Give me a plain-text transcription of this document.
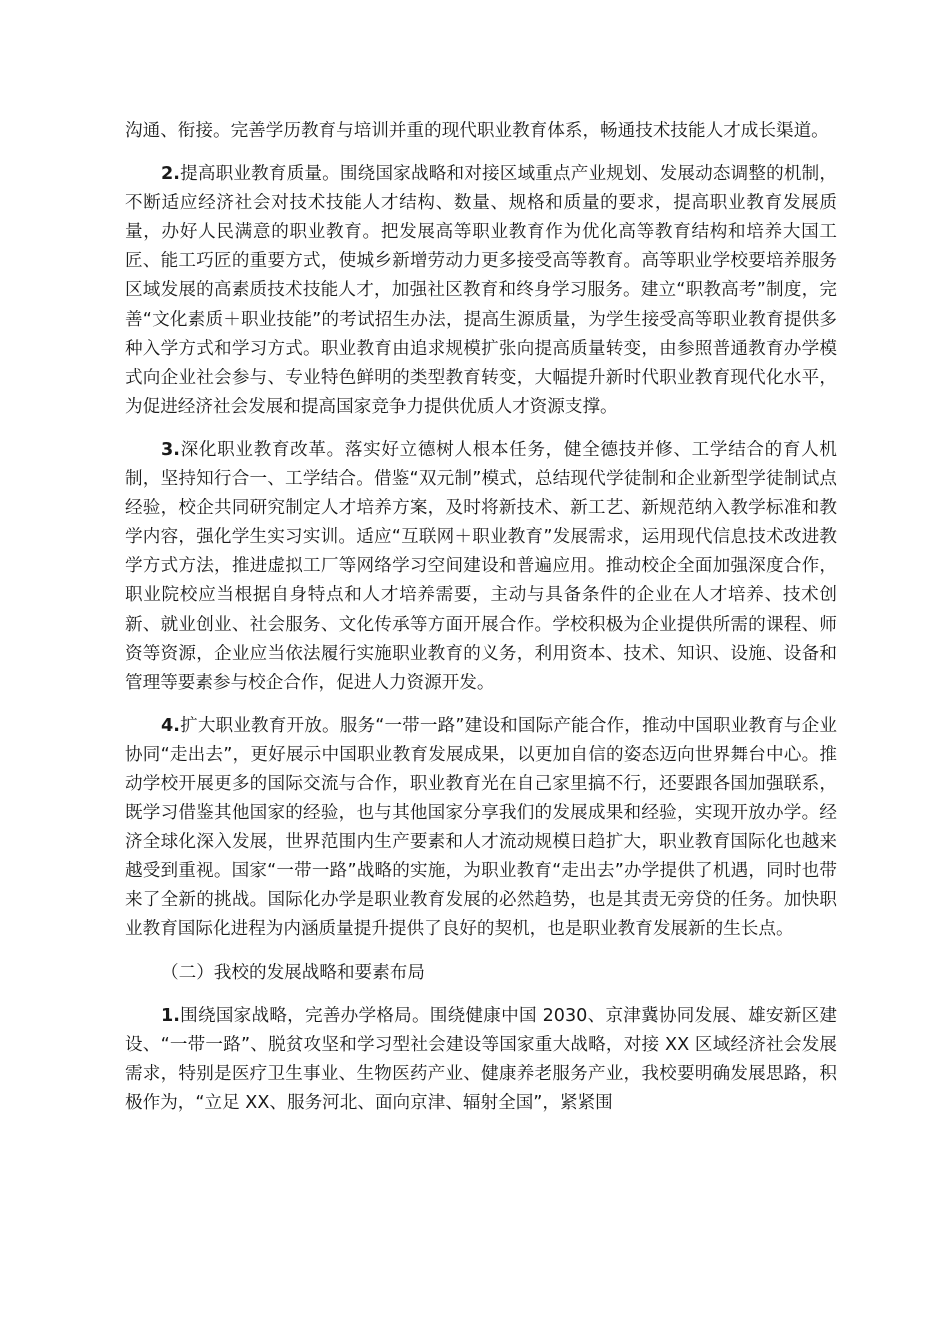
沟通、衔接。完善学历教育与培训并重的现代职业教育体系，畅通技术技能人才成长渠道。

2.提高职业教育质量。围绕国家战略和对接区域重点产业规划、发展动态调整的机制，不断适应经济社会对技术技能人才结构、数量、规格和质量的要求，提高职业教育发展质量，办好人民满意的职业教育。把发展高等职业教育作为优化高等教育结构和培养大国工匠、能工巧匠的重要方式，使城乡新增劳动力更多接受高等教育。高等职业学校要培养服务区域发展的高素质技术技能人才，加强社区教育和终身学习服务。建立“职教高考”制度，完善“文化素质＋职业技能”的考试招生办法，提高生源质量，为学生接受高等职业教育提供多种入学方式和学习方式。职业教育由追求规模扩张向提高质量转变，由参照普通教育办学模式向企业社会参与、专业特色鲜明的类型教育转变，大幅提升新时代职业教育现代化水平，为促进经济社会发展和提高国家竞争力提供优质人才资源支撑。

3.深化职业教育改革。落实好立德树人根本任务，健全德技并修、工学结合的育人机制，坚持知行合一、工学结合。借鉴“双元制”模式，总结现代学徒制和企业新型学徒制试点经验，校企共同研究制定人才培养方案，及时将新技术、新工艺、新规范纳入教学标准和教学内容，强化学生实习实训。适应“互联网＋职业教育”发展需求，运用现代信息技术改进教学方式方法，推进虚拟工厂等网络学习空间建设和普遍应用。推动校企全面加强深度合作，职业院校应当根据自身特点和人才培养需要，主动与具备条件的企业在人才培养、技术创新、就业创业、社会服务、文化传承等方面开展合作。学校积极为企业提供所需的课程、师资等资源，企业应当依法履行实施职业教育的义务，利用资本、技术、知识、设施、设备和管理等要素参与校企合作，促进人力资源开发。

4.扩大职业教育开放。服务“一带一路”建设和国际产能合作，推动中国职业教育与企业协同“走出去”，更好展示中国职业教育发展成果，以更加自信的姿态迈向世界舞台中心。推动学校开展更多的国际交流与合作，职业教育光在自己家里搞不行，还要跟各国加强联系，既学习借鉴其他国家的经验，也与其他国家分享我们的发展成果和经验，实现开放办学。经济全球化深入发展，世界范围内生产要素和人才流动规模日趋扩大，职业教育国际化也越来越受到重视。国家“一带一路”战略的实施，为职业教育“走出去”办学提供了机遇，同时也带来了全新的挑战。国际化办学是职业教育发展的必然趋势，也是其责无旁贷的任务。加快职业教育国际化进程为内涵质量提升提供了良好的契机，也是职业教育发展新的生长点。

（二）我校的发展战略和要素布局

1.围绕国家战略，完善办学格局。围绕健康中国 2030、京津冀协同发展、雄安新区建设、“一带一路”、脱贫攻坚和学习型社会建设等国家重大战略，对接 XX 区域经济社会发展需求，特别是医疗卫生事业、生物医药产业、健康养老服务产业，我校要明确发展思路，积极作为，“立足 XX、服务河北、面向京津、辐射全国”，紧紧围
